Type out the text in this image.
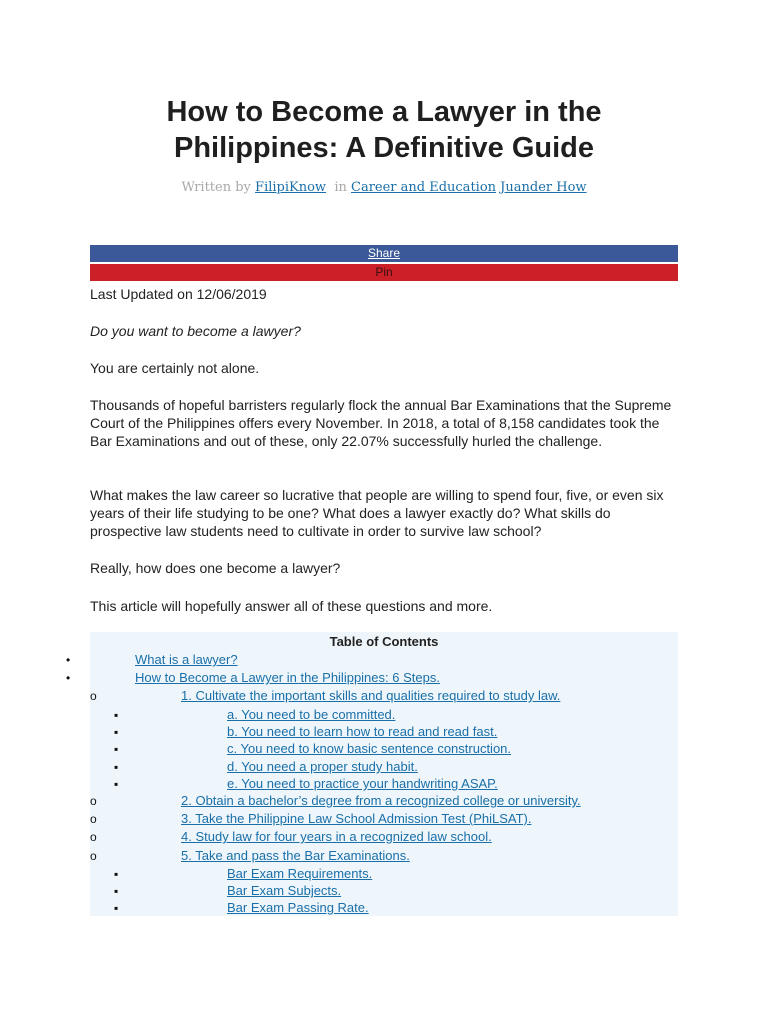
How to Become a Lawyer in the
Philippines: A Definitive Guide
Written by FilipiKnow in Career and Education Juander How
Share
Pin

Last Updated on 12/06/2019

Do you want to become a lawyer?

You are certainly not alone.

Thousands of hopeful barristers regularly flock the annual Bar Examinations that the Supreme Court of the Philippines offers every November. In 2018, a total of 8,158 candidates took the Bar Examinations and out of these, only 22.07% successfully hurled the challenge.

What makes the law career so lucrative that people are willing to spend four, five, or even six years of their life studying to be one? What does a lawyer exactly do? What skills do prospective law students need to cultivate in order to survive law school?

Really, how does one become a lawyer?

This article will hopefully answer all of these questions and more.

Table of Contents
•	What is a lawyer?
•	How to Become a Lawyer in the Philippines: 6 Steps.
o	1. Cultivate the important skills and qualities required to study law.
▪	a. You need to be committed.
▪	b. You need to learn how to read and read fast.
▪	c. You need to know basic sentence construction.
▪	d. You need a proper study habit.
▪	e. You need to practice your handwriting ASAP.
o	2. Obtain a bachelor’s degree from a recognized college or university.
o	3. Take the Philippine Law School Admission Test (PhiLSAT).
o	4. Study law for four years in a recognized law school.
o	5. Take and pass the Bar Examinations.
▪	Bar Exam Requirements.
▪	Bar Exam Subjects.
▪	Bar Exam Passing Rate.
